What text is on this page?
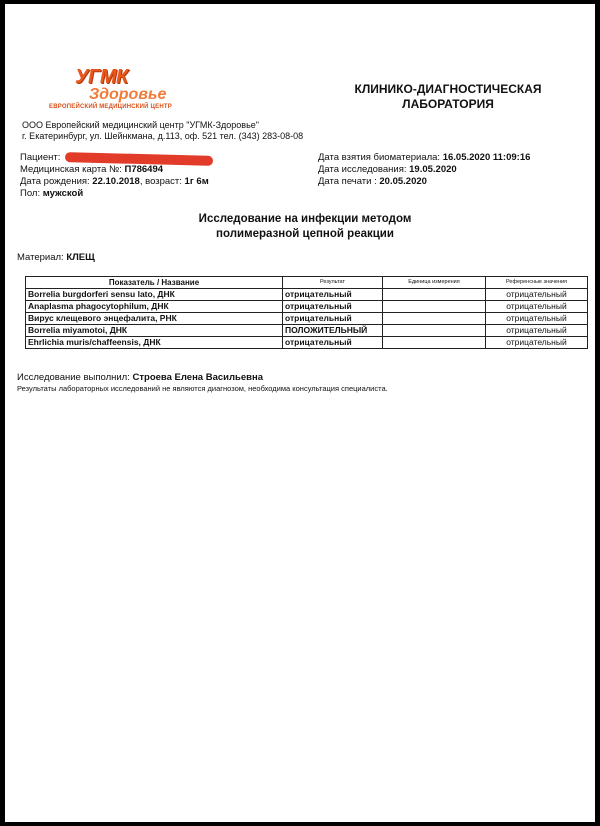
УГМК
Здоровье
ЕВРОПЕЙСКИЙ МЕДИЦИНСКИЙ ЦЕНТР
КЛИНИКО-ДИАГНОСТИЧЕСКАЯ
ЛАБОРАТОРИЯ
ООО Европейский медицинский центр "УГМК-Здоровье"
г. Екатеринбург, ул. Шейнкмана, д.113, оф. 521 тел. (343) 283-08-08
Пациент:
Медицинская карта №: П786494
Дата рождения: 22.10.2018, возраст: 1г 6м
Пол: мужской
Дата взятия биоматериала: 16.05.2020 11:09:16
Дата исследования: 19.05.2020
Дата печати : 20.05.2020
Исследование на инфекции методом
полимеразной цепной реакции
Материал: КЛЕЩ
Показатель / Название	Результат	Единица измерения	Референсные значения
Borrelia burgdorferi sensu lato, ДНК	отрицательный		отрицательный
Anaplasma phagocytophilum, ДНК	отрицательный		отрицательный
Вирус клещевого энцефалита, РНК	отрицательный		отрицательный
Borrelia miyamotoi, ДНК	ПОЛОЖИТЕЛЬНЫЙ		отрицательный
Ehrlichia muris/chaffeensis, ДНК	отрицательный		отрицательный
Исследование выполнил: Строева Елена Васильевна
Результаты лабораторных исследований не являются диагнозом, необходима консультация специалиста.
